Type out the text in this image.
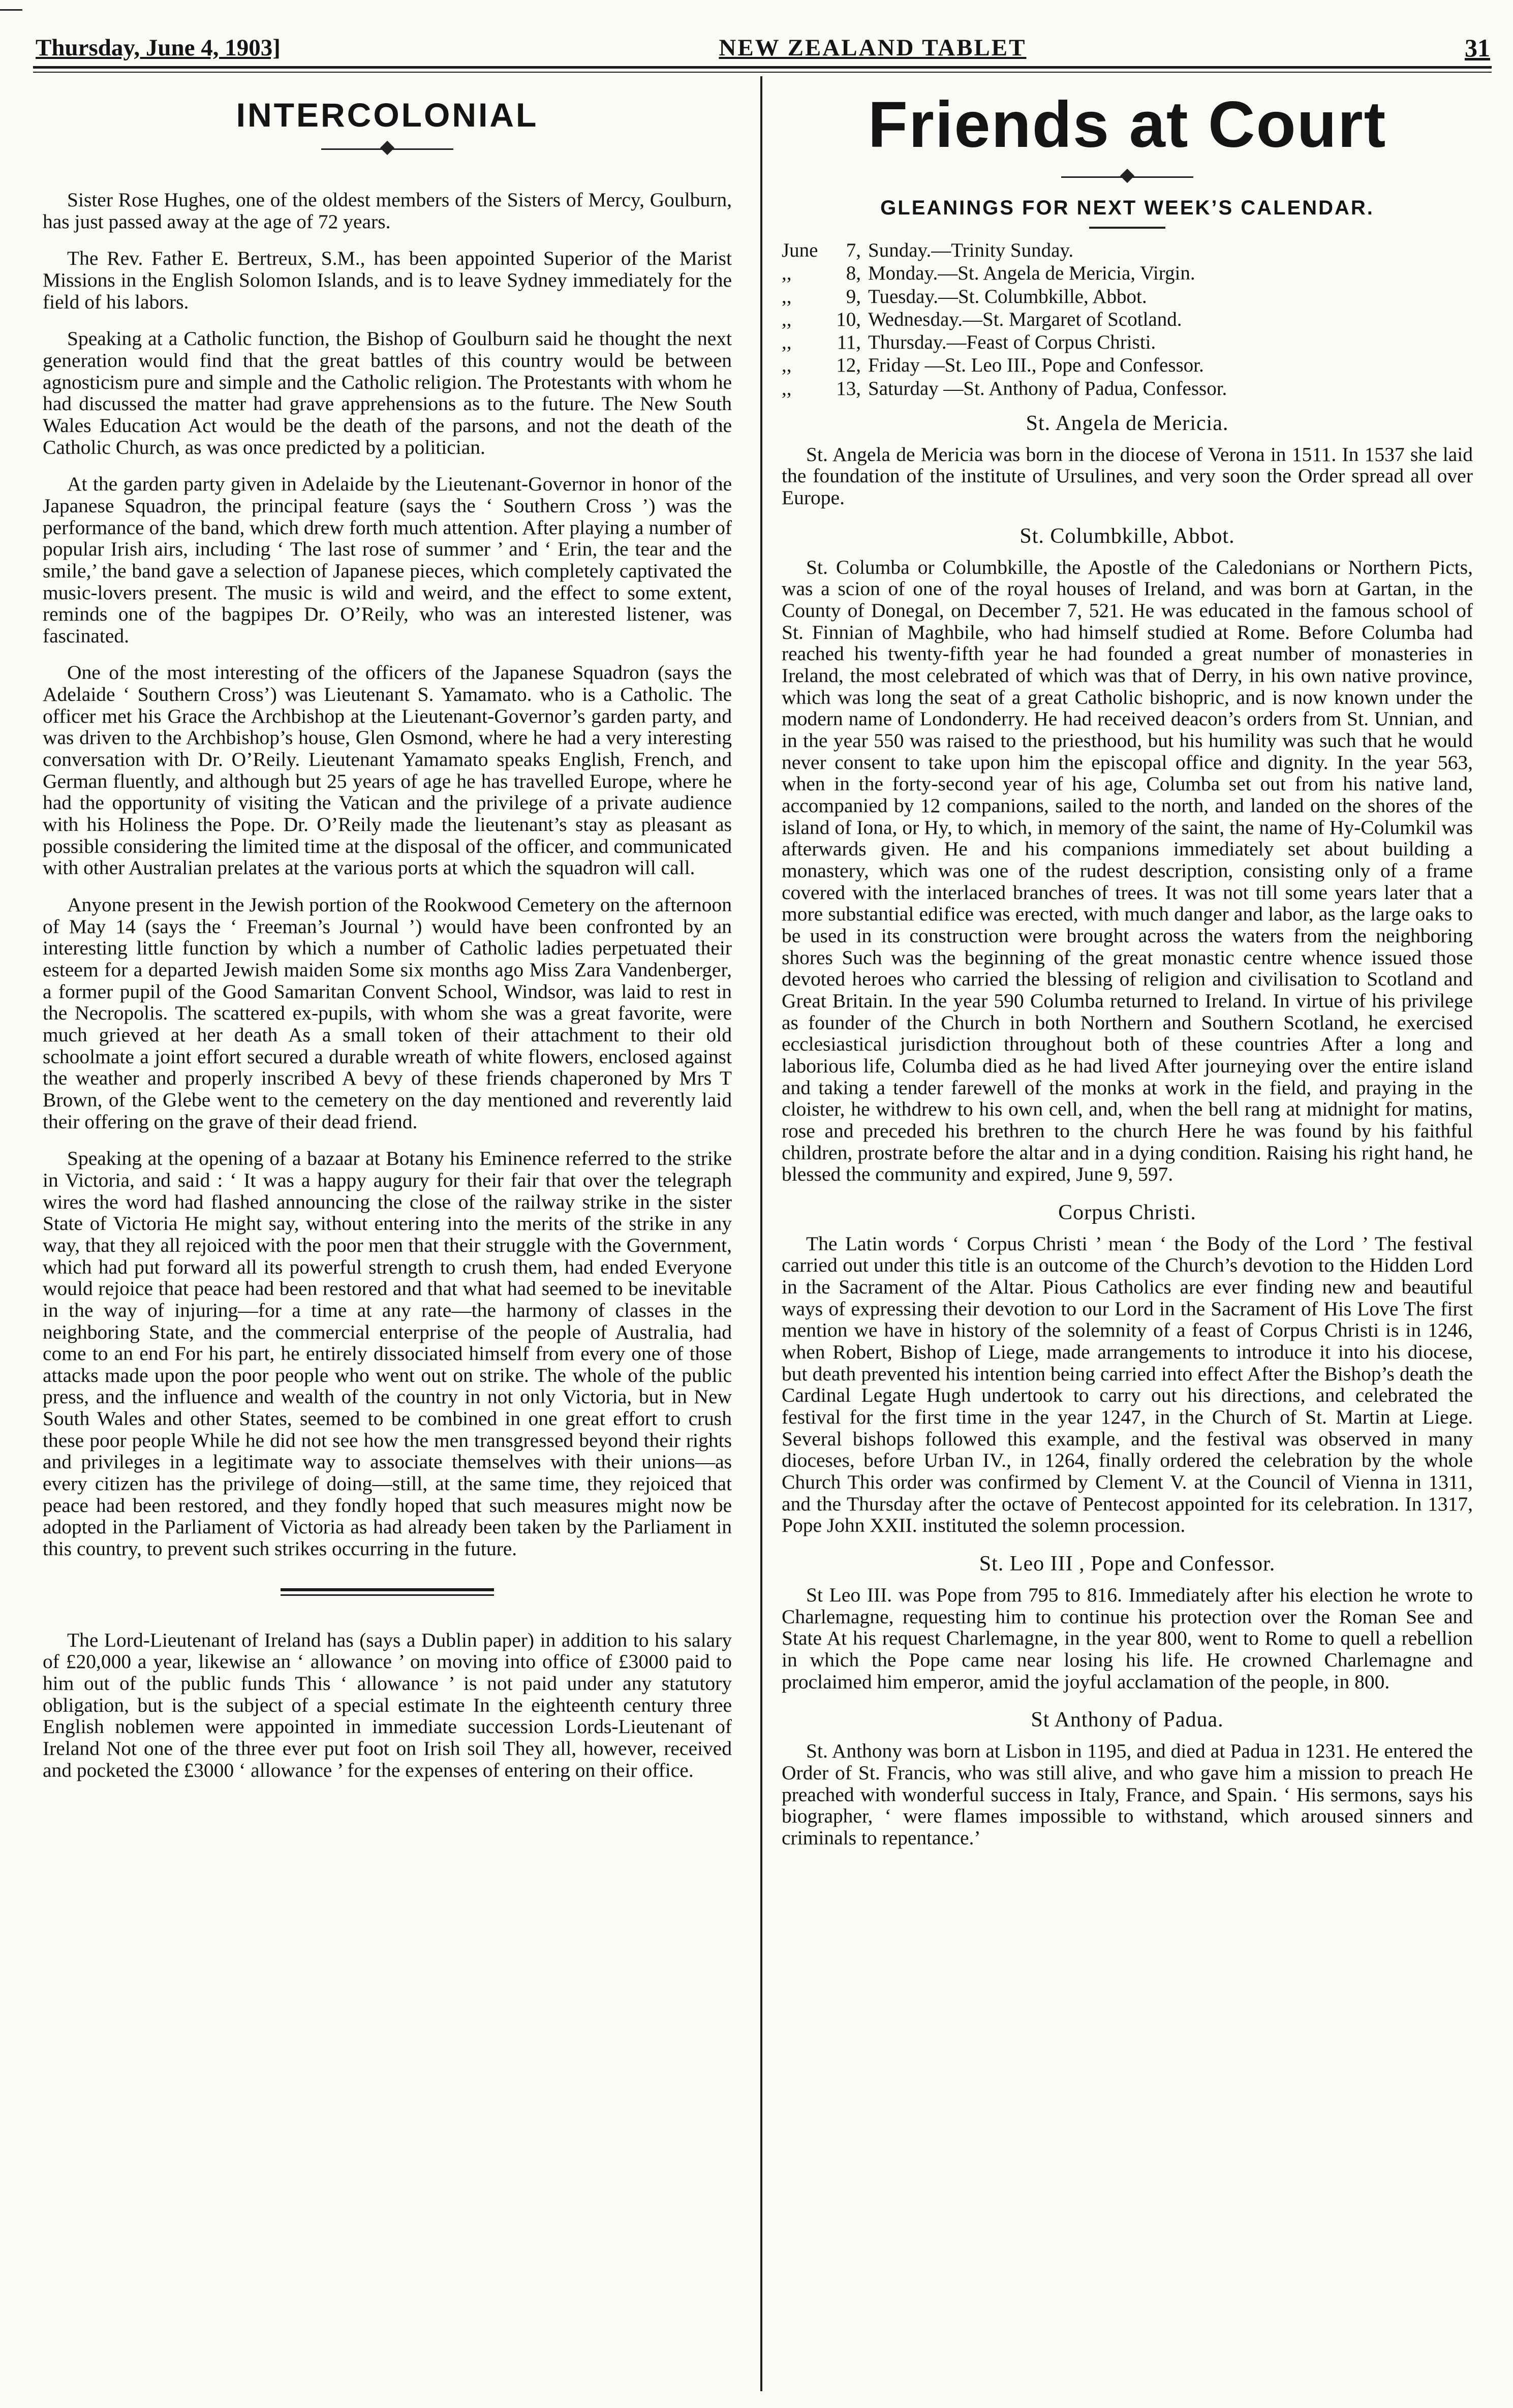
Thursday, June 4, 1903]	NEW ZEALAND TABLET	31
INTERCOLONIAL

Sister Rose Hughes, one of the oldest members of the Sisters of Mercy, Goulburn, has just passed away at the age of 72 years.

The Rev. Father E. Bertreux, S.M., has been appointed Superior of the Marist Missions in the English Solomon Islands, and is to leave Sydney immediately for the field of his labors.

Speaking at a Catholic function, the Bishop of Goulburn said he thought the next generation would find that the great battles of this country would be between agnosticism pure and simple and the Catholic religion. The Protestants with whom he had discussed the matter had grave apprehensions as to the future. The New South Wales Education Act would be the death of the parsons, and not the death of the Catholic Church, as was once predicted by a politician.

At the garden party given in Adelaide by the Lieutenant-Governor in honor of the Japanese Squadron, the principal feature (says the ‘ Southern Cross ’) was the performance of the band, which drew forth much attention. After playing a number of popular Irish airs, including ‘ The last rose of summer ’ and ‘ Erin, the tear and the smile,’ the band gave a selection of Japanese pieces, which completely captivated the music-lovers present. The music is wild and weird, and the effect to some extent, reminds one of the bagpipes Dr. O’Reily, who was an interested listener, was fascinated.

One of the most interesting of the officers of the Japanese Squadron (says the Adelaide ‘ Southern Cross’) was Lieutenant S. Yamamato. who is a Catholic. The officer met his Grace the Archbishop at the Lieutenant-Governor’s garden party, and was driven to the Archbishop’s house, Glen Osmond, where he had a very interesting conversation with Dr. O’Reily. Lieutenant Yamamato speaks English, French, and German fluently, and although but 25 years of age he has travelled Europe, where he had the opportunity of visiting the Vatican and the privilege of a private audience with his Holiness the Pope. Dr. O’Reily made the lieutenant’s stay as pleasant as possible considering the limited time at the disposal of the officer, and communicated with other Australian prelates at the various ports at which the squadron will call.

Anyone present in the Jewish portion of the Rookwood Cemetery on the afternoon of May 14 (says the ‘ Freeman’s Journal ’) would have been confronted by an interesting little function by which a number of Catholic ladies perpetuated their esteem for a departed Jewish maiden Some six months ago Miss Zara Vandenberger, a former pupil of the Good Samaritan Convent School, Windsor, was laid to rest in the Necropolis. The scattered ex-pupils, with whom she was a great favorite, were much grieved at her death As a small token of their attachment to their old schoolmate a joint effort secured a durable wreath of white flowers, enclosed against the weather and properly inscribed A bevy of these friends chaperoned by Mrs T Brown, of the Glebe went to the cemetery on the day mentioned and reverently laid their offering on the grave of their dead friend.

Speaking at the opening of a bazaar at Botany his Eminence referred to the strike in Victoria, and said : ‘ It was a happy augury for their fair that over the telegraph wires the word had flashed announcing the close of the railway strike in the sister State of Victoria He might say, without entering into the merits of the strike in any way, that they all rejoiced with the poor men that their struggle with the Government, which had put forward all its powerful strength to crush them, had ended Everyone would rejoice that peace had been restored and that what had seemed to be inevitable in the way of injuring—for a time at any rate—the harmony of classes in the neighboring State, and the commercial enterprise of the people of Australia, had come to an end For his part, he entirely dissociated himself from every one of those attacks made upon the poor people who went out on strike. The whole of the public press, and the influence and wealth of the country in not only Victoria, but in New South Wales and other States, seemed to be combined in one great effort to crush these poor people While he did not see how the men transgressed beyond their rights and privileges in a legitimate way to associate themselves with their unions—as every citizen has the privilege of doing—still, at the same time, they rejoiced that peace had been restored, and they fondly hoped that such measures might now be adopted in the Parliament of Victoria as had already been taken by the Parliament in this country, to prevent such strikes occurring in the future.

The Lord-Lieutenant of Ireland has (says a Dublin paper) in addition to his salary of £20,000 a year, likewise an ‘ allowance ’ on moving into office of £3000 paid to him out of the public funds This ‘ allowance ’ is not paid under any statutory obligation, but is the subject of a special estimate In the eighteenth century three English noblemen were appointed in immediate succession Lords-Lieutenant of Ireland Not one of the three ever put foot on Irish soil They all, however, received and pocketed the £3000 ‘ allowance ’ for the expenses of entering on their office.

Friends at Court
GLEANINGS FOR NEXT WEEK’S CALENDAR.
June	7, Sunday.—Trinity Sunday.
,,	8, Monday.—St. Angela de Mericia, Virgin.
,,	9, Tuesday.—St. Columbkille, Abbot.
,,	10, Wednesday.—St. Margaret of Scotland.
,,	11, Thursday.—Feast of Corpus Christi.
,,	12, Friday —St. Leo III., Pope and Confessor.
,,	13, Saturday —St. Anthony of Padua, Confessor.
St. Angela de Mericia.

St. Angela de Mericia was born in the diocese of Verona in 1511. In 1537 she laid the foundation of the institute of Ursulines, and very soon the Order spread all over Europe.

St. Columbkille, Abbot.

St. Columba or Columbkille, the Apostle of the Caledonians or Northern Picts, was a scion of one of the royal houses of Ireland, and was born at Gartan, in the County of Donegal, on December 7, 521. He was educated in the famous school of St. Finnian of Maghbile, who had himself studied at Rome. Before Columba had reached his twenty-fifth year he had founded a great number of monasteries in Ireland, the most celebrated of which was that of Derry, in his own native province, which was long the seat of a great Catholic bishopric, and is now known under the modern name of Londonderry. He had received deacon’s orders from St. Unnian, and in the year 550 was raised to the priesthood, but his humility was such that he would never consent to take upon him the episcopal office and dignity. In the year 563, when in the forty-second year of his age, Columba set out from his native land, accompanied by 12 companions, sailed to the north, and landed on the shores of the island of Iona, or Hy, to which, in memory of the saint, the name of Hy-Columkil was afterwards given. He and his companions immediately set about building a monastery, which was one of the rudest description, consisting only of a frame covered with the interlaced branches of trees. It was not till some years later that a more substantial edifice was erected, with much danger and labor, as the large oaks to be used in its construction were brought across the waters from the neighboring shores Such was the beginning of the great monastic centre whence issued those devoted heroes who carried the blessing of religion and civilisation to Scotland and Great Britain. In the year 590 Columba returned to Ireland. In virtue of his privilege as founder of the Church in both Northern and Southern Scotland, he exercised ecclesiastical jurisdiction throughout both of these countries After a long and laborious life, Columba died as he had lived After journeying over the entire island and taking a tender farewell of the monks at work in the field, and praying in the cloister, he withdrew to his own cell, and, when the bell rang at midnight for matins, rose and preceded his brethren to the church Here he was found by his faithful children, prostrate before the altar and in a dying condition. Raising his right hand, he blessed the community and expired, June 9, 597.

Corpus Christi.

The Latin words ‘ Corpus Christi ’ mean ‘ the Body of the Lord ’ The festival carried out under this title is an outcome of the Church’s devotion to the Hidden Lord in the Sacrament of the Altar. Pious Catholics are ever finding new and beautiful ways of expressing their devotion to our Lord in the Sacrament of His Love The first mention we have in history of the solemnity of a feast of Corpus Christi is in 1246, when Robert, Bishop of Liege, made arrangements to introduce it into his diocese, but death prevented his intention being carried into effect After the Bishop’s death the Cardinal Legate Hugh undertook to carry out his directions, and celebrated the festival for the first time in the year 1247, in the Church of St. Martin at Liege. Several bishops followed this example, and the festival was observed in many dioceses, before Urban IV., in 1264, finally ordered the celebration by the whole Church This order was confirmed by Clement V. at the Council of Vienna in 1311, and the Thursday after the octave of Pentecost appointed for its celebration. In 1317, Pope John XXII. instituted the solemn procession.

St. Leo III , Pope and Confessor.

St Leo III. was Pope from 795 to 816. Immediately after his election he wrote to Charlemagne, requesting him to continue his protection over the Roman See and State At his request Charlemagne, in the year 800, went to Rome to quell a rebellion in which the Pope came near losing his life. He crowned Charlemagne and proclaimed him emperor, amid the joyful acclamation of the people, in 800.

St Anthony of Padua.

St. Anthony was born at Lisbon in 1195, and died at Padua in 1231. He entered the Order of St. Francis, who was still alive, and who gave him a mission to preach He preached with wonderful success in Italy, France, and Spain. ‘ His sermons, says his biographer, ‘ were flames impossible to withstand, which aroused sinners and criminals to repentance.’
